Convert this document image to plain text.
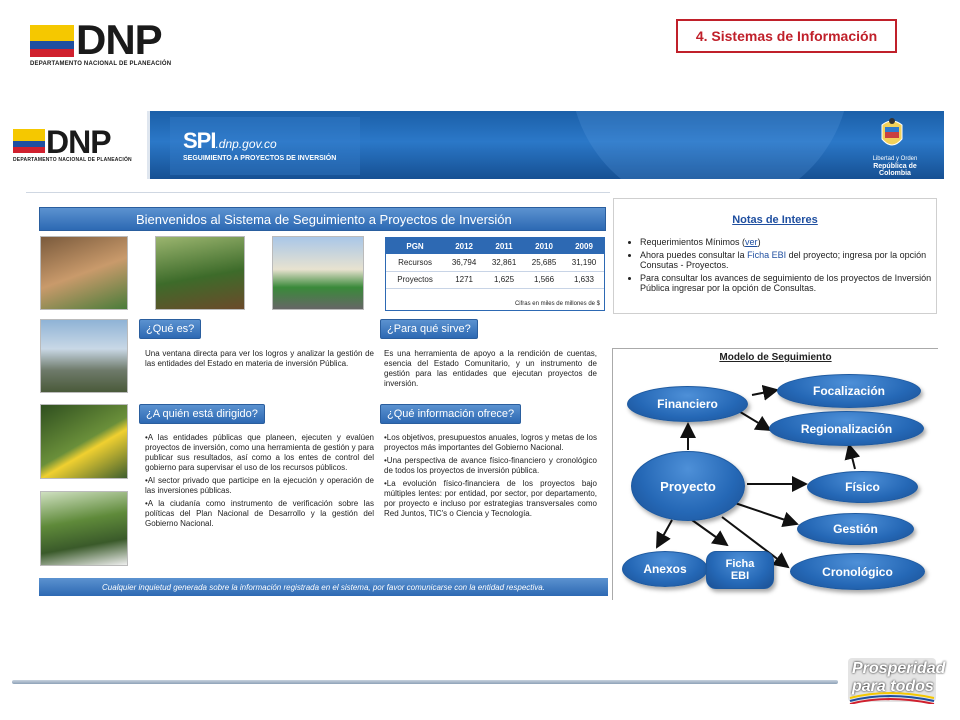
DNP
DEPARTAMENTO NACIONAL DE PLANEACIÓN
4. Sistemas de Información
DNP
DEPARTAMENTO NACIONAL DE PLANEACIÓN
SPI.dnp.gov.co
SEGUIMIENTO A PROYECTOS DE INVERSIÓN	Libertad y Orden
República de Colombia
Bienvenidos al Sistema de Seguimiento a Proyectos de Inversión
PGN	2012	2011	2010	2009
Recursos	36,794	32,861	25,685	31,190
Proyectos	1271	1,625	1,566	1,633
Cifras en miles de millones de $
¿Qué es?
Una ventana directa para ver los logros y analizar la gestión de las entidades del Estado en materia de inversión Pública.
¿Para qué sirve?
Es una herramienta de apoyo a la rendición de cuentas, esencia del Estado Comunitario, y un instrumento de gestión para las entidades que ejecutan proyectos de inversión.
¿A quién está dirigido?

•A las entidades públicas que planeen, ejecuten y evalúen proyectos de inversión, como una herramienta de gestión y para publicar sus resultados, así como a los entes de control del gobierno para supervisar el uso de los recursos públicos.

•Al sector privado que participe en la ejecución y operación de las inversiones públicas.

•A la ciudanía como instrumento de verificación sobre las políticas del Plan Nacional de Desarrollo y la gestión del Gobierno Nacional.

¿Qué información ofrece?

•Los objetivos, presupuestos anuales, logros y metas de los proyectos más importantes del Gobierno Nacional.

•Una perspectiva de avance físico-financiero y cronológico de todos los proyectos de inversión pública.

•La evolución físico-financiera de los proyectos bajo múltiples lentes: por entidad, por sector, por departamento, por proyecto e incluso por estrategias transversales como Red Juntos, TIC's o Ciencia y Tecnología.

Cualquier inquietud generada sobre la información registrada en el sistema, por favor comunicarse con la entidad respectiva.
Notas de Interes
• Requerimientos Mínimos (ver)
• Ahora puedes consultar la Ficha EBI del proyecto; ingresa por la opción Consutas - Proyectos.
• Para consultar los avances de seguimiento de los proyectos de Inversión Pública ingresar por la opción de Consultas.
Modelo de Seguimiento
Financiero
Focalización
Regionalización
Proyecto	Físico
Gestión
Anexos	Ficha EBI	Cronológico
Prosperidad
para todos
